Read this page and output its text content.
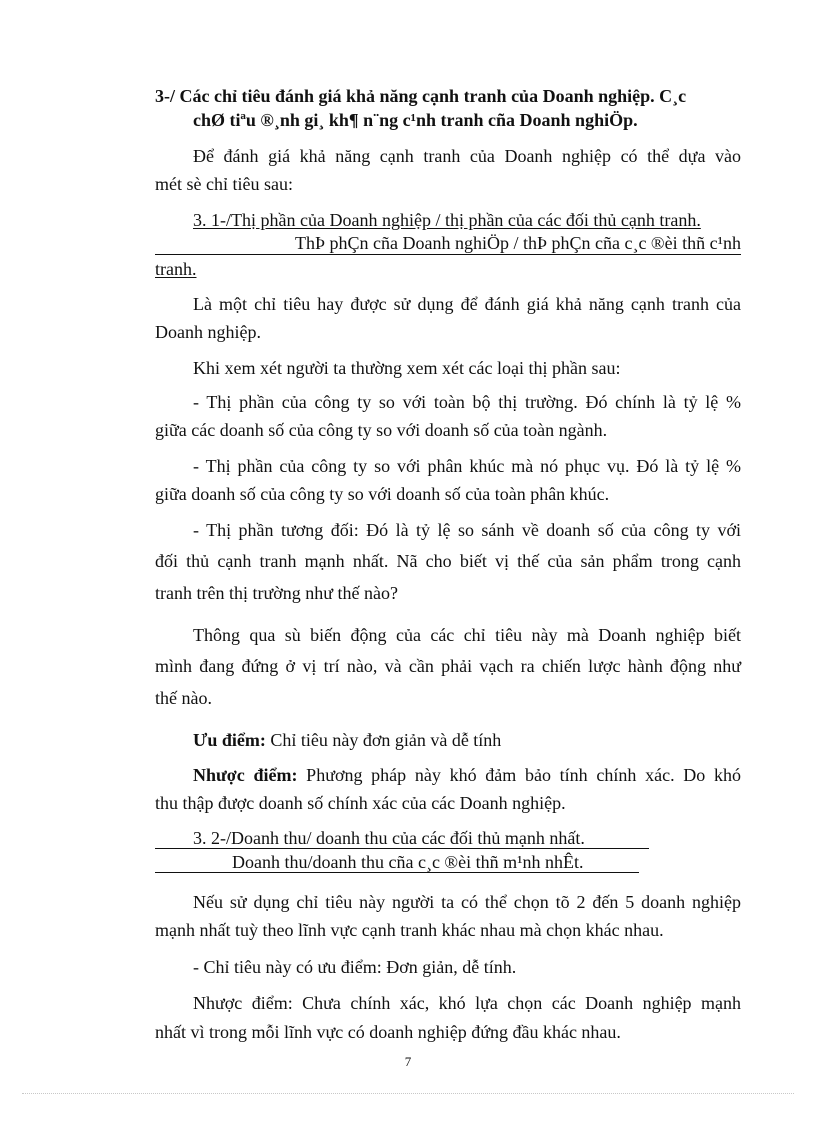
3-/ Các chỉ tiêu đánh giá khả năng cạnh tranh của Doanh nghiệp. C¸c
chØ tiªu ®¸nh gi¸ kh¶ n¨ng c¹nh tranh cña Doanh nghiÖp.
Để đánh giá khả năng cạnh tranh của Doanh nghiệp có thể dựa vào
mét sè chỉ tiêu sau:
3. 1-/Thị phần của Doanh nghiệp / thị phần của các đối thủ cạnh tranh.
ThÞ phÇn cña Doanh nghiÖp / thÞ phÇn cña c¸c ®èi thñ c¹nh
tranh.
Là một chỉ tiêu hay được sử dụng để đánh giá khả năng cạnh tranh của
Doanh nghiệp.
Khi xem xét người ta thường xem xét các loại thị phần sau:
- Thị phần của công ty so với toàn bộ thị trường. Đó chính là tỷ lệ %
giữa các doanh số của công ty so với doanh số của toàn ngành.
- Thị phần của công ty so với phân khúc mà nó phục vụ. Đó là tỷ lệ %
giữa doanh số của công ty so với doanh số của toàn phân khúc.
- Thị phần tương đối: Đó là tỷ lệ so sánh về doanh số của công ty với
đối thủ cạnh tranh mạnh nhất. Nã cho biết vị thế của sản phẩm trong cạnh
tranh trên thị trường như thế nào?
Thông qua sù biến động của các chỉ tiêu này mà Doanh nghiệp biết
mình đang đứng ở vị trí nào, và cần phải vạch ra chiến lược hành động như
thế nào.
Ưu điểm: Chỉ tiêu này đơn giản và dễ tính
Nhược điểm: Phương pháp này khó đảm bảo tính chính xác. Do khó
thu thập được doanh số chính xác của các Doanh nghiệp.
3. 2-/Doanh thu/ doanh thu của các đối thủ mạnh nhất.
Doanh thu/doanh thu cña c¸c ®èi thñ m¹nh nhÊt.
Nếu sử dụng chỉ tiêu này người ta có thể chọn tõ 2 đến 5 doanh nghiệp
mạnh nhất tuỳ theo lĩnh vực cạnh tranh khác nhau mà chọn khác nhau.
- Chỉ tiêu này có ưu điểm: Đơn giản, dễ tính.
Nhược điểm: Chưa chính xác, khó lựa chọn các Doanh nghiệp mạnh
nhất vì trong mỗi lĩnh vực có doanh nghiệp đứng đầu khác nhau.
7
